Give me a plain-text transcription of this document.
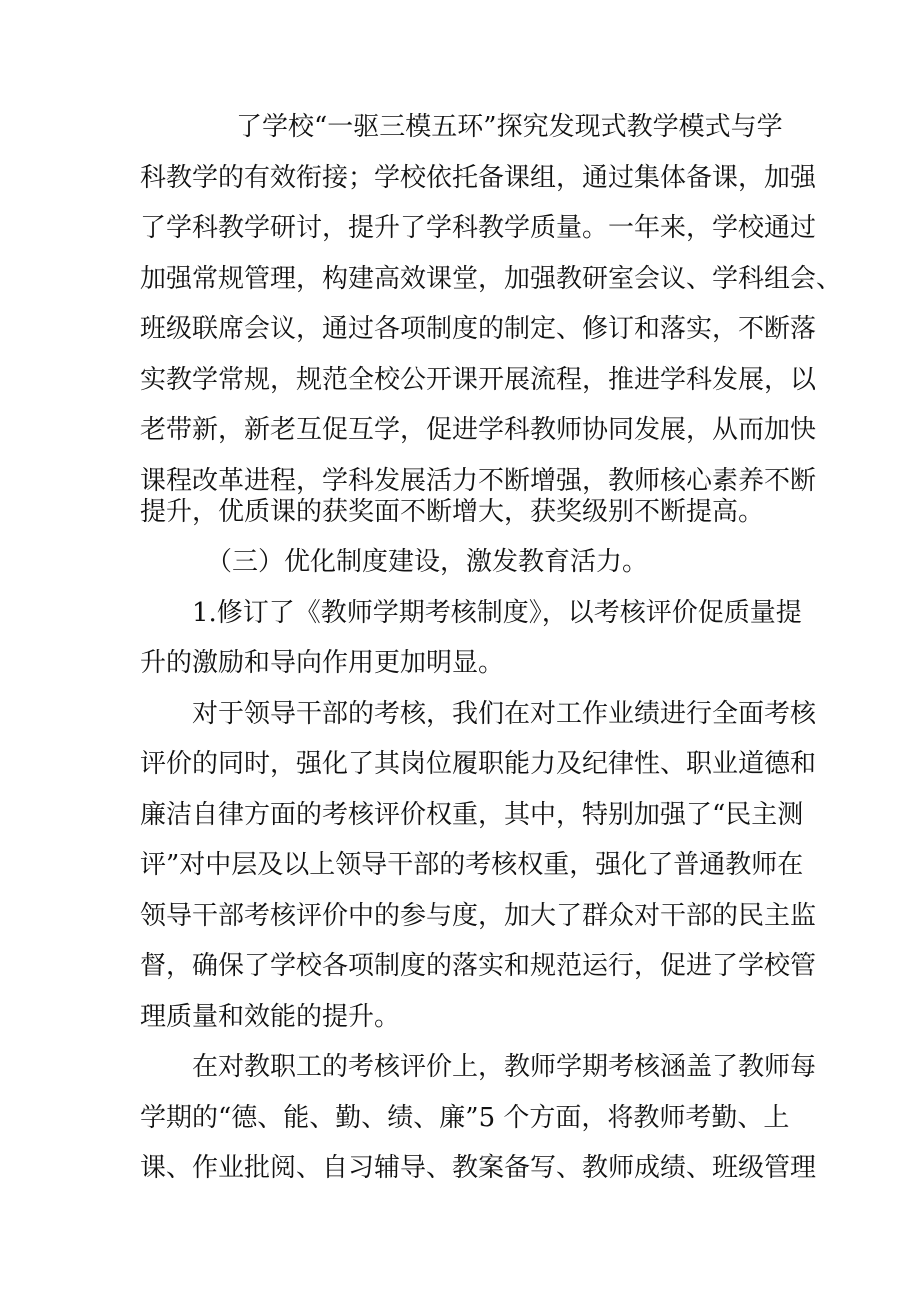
了学校“一驱三模五环”探究发现式教学模式与学

科教学的有效衔接；学校依托备课组，通过集体备课，加强

了学科教学研讨，提升了学科教学质量。一年来，学校通过

加强常规管理，构建高效课堂，加强教研室会议、学科组会、

班级联席会议，通过各项制度的制定、修订和落实，不断落

实教学常规，规范全校公开课开展流程，推进学科发展，以

老带新，新老互促互学，促进学科教师协同发展，从而加快

课程改革进程，学科发展活力不断增强，教师核心素养不断

提升，优质课的获奖面不断增大，获奖级别不断提高。

（三）优化制度建设，激发教育活力。

1.修订了《教师学期考核制度》，以考核评价促质量提

升的激励和导向作用更加明显。

对于领导干部的考核，我们在对工作业绩进行全面考核

评价的同时，强化了其岗位履职能力及纪律性、职业道德和

廉洁自律方面的考核评价权重，其中，特别加强了“民主测

评”对中层及以上领导干部的考核权重，强化了普通教师在

领导干部考核评价中的参与度，加大了群众对干部的民主监

督，确保了学校各项制度的落实和规范运行，促进了学校管

理质量和效能的提升。

在对教职工的考核评价上，教师学期考核涵盖了教师每

学期的“德、能、勤、绩、廉”5 个方面，将教师考勤、上

课、作业批阅、自习辅导、教案备写、教师成绩、班级管理
